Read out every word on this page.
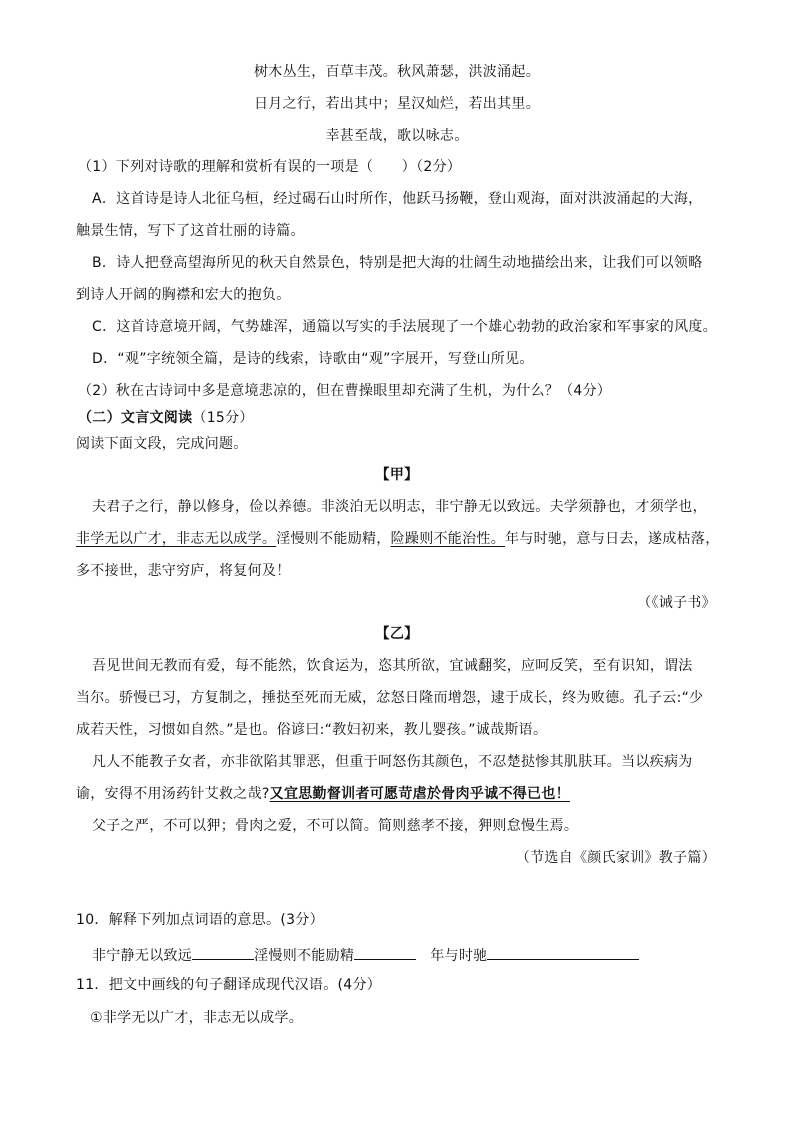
树木丛生，百草丰茂。秋风萧瑟，洪波涌起。
日月之行，若出其中；星汉灿烂，若出其里。
幸甚至哉，歌以咏志。
（1）下列对诗歌的理解和赏析有误的一项是（　　）（2分）
A．这首诗是诗人北征乌桓，经过碣石山时所作，他跃马扬鞭，登山观海，面对洪波涌起的大海，
触景生情，写下了这首壮丽的诗篇。
B．诗人把登高望海所见的秋天自然景色，特别是把大海的壮阔生动地描绘出来，让我们可以领略
到诗人开阔的胸襟和宏大的抱负。
C．这首诗意境开阔，气势雄浑，通篇以写实的手法展现了一个雄心勃勃的政治家和军事家的风度。
D．“观”字统领全篇，是诗的线索，诗歌由“观”字展开，写登山所见。
（2）秋在古诗词中多是意境悲凉的，但在曹操眼里却充满了生机，为什么？（4分）
（二）文言文阅读（15分）
阅读下面文段，完成问题。
【甲】
夫君子之行，静以修身，俭以养德。非淡泊无以明志，非宁静无以致远。夫学须静也，才须学也，
非学无以广才，非志无以成学。淫慢则不能励精，险躁则不能治性。年与时驰，意与日去，遂成枯落，
多不接世，悲守穷庐，将复何及！
（《诫子书》
【乙】
吾见世间无教而有爱，每不能然，饮食运为，恣其所欲，宜诫翻奖，应呵反笑，至有识知，谓法
当尔。骄慢已习，方复制之，捶挞至死而无威，忿怒日隆而增怨，逮于成长，终为败德。孔子云:“少
成若天性，习惯如自然。”是也。俗谚曰:“教妇初来，教儿婴孩。”诚哉斯语。
凡人不能教子女者，亦非欲陷其罪恶，但重于呵怒伤其颜色，不忍楚挞惨其肌肤耳。当以疾病为
谕，安得不用汤药针艾救之哉?又宜思勤督训者可愿苛虐於骨肉乎诚不得已也！
父子之严，不可以狎；骨肉之爱，不可以简。简则慈孝不接，狎则怠慢生焉。
（节选自《颜氏家训》教子篇）
10．解释下列加点词语的意思。(3分）
非宁静无以致远	淫慢则不能励精	年与时驰
11．把文中画线的句子翻译成现代汉语。(4分）
①非学无以广才，非志无以成学。
